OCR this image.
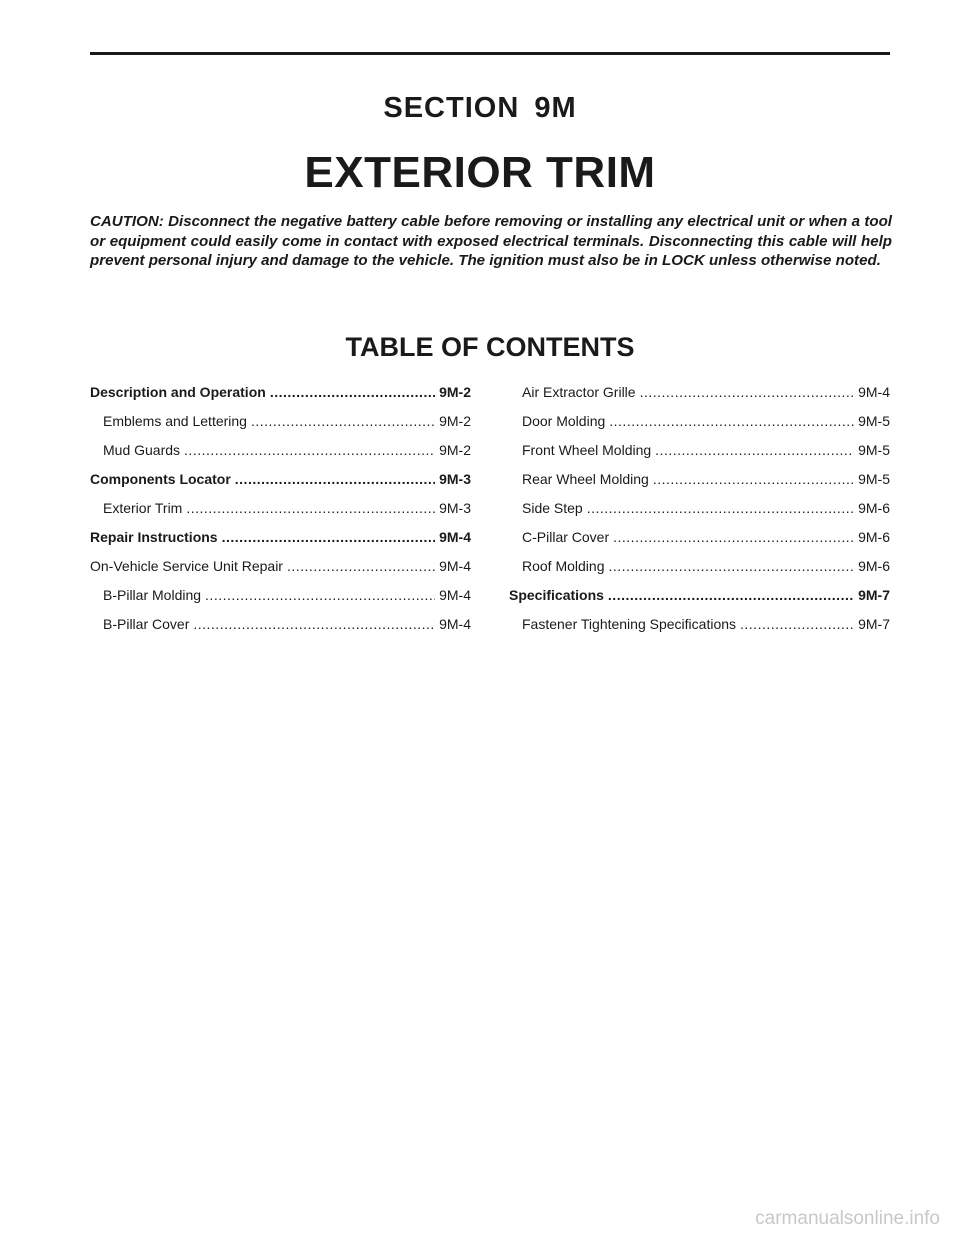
SECTION 9M
EXTERIOR TRIM

CAUTION: Disconnect the negative battery cable before removing or installing any electrical unit or when a tool or equipment could easily come in contact with exposed electrical terminals. Disconnecting this cable will help prevent personal injury and damage to the vehicle. The ignition must also be in LOCK unless otherwise noted.

TABLE OF CONTENTS
Description and Operation .....	9M-2
Emblems and Lettering .....	9M-2
Mud Guards .....	9M-2
Components Locator .....	9M-3
Exterior Trim .....	9M-3
Repair Instructions .....	9M-4
On-Vehicle Service Unit Repair .....	9M-4
B-Pillar Molding .....	9M-4
B-Pillar Cover .....	9M-4
Air Extractor Grille .....	9M-4
Door Molding .....	9M-5
Front Wheel Molding .....	9M-5
Rear Wheel Molding .....	9M-5
Side Step .....	9M-6
C-Pillar Cover .....	9M-6
Roof Molding .....	9M-6
Specifications .....	9M-7
Fastener Tightening Specifications .....	9M-7
carmanualsonline.info
